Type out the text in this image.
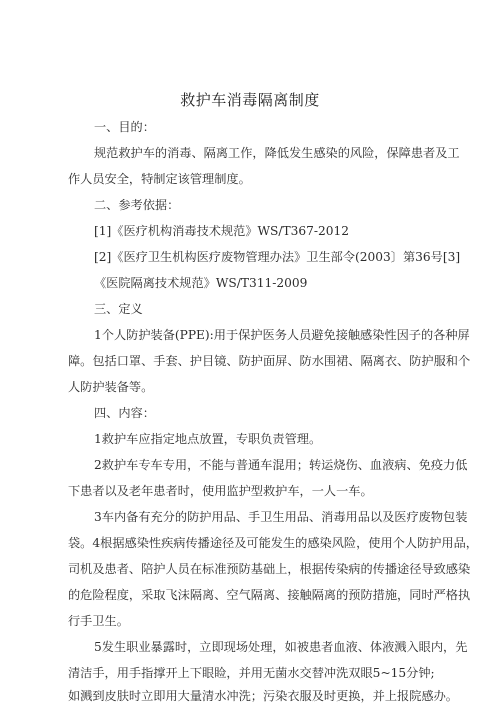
救护车消毒隔离制度
一、目的：
规范救护车的消毒、隔离工作，降低发生感染的风险，保障患者及工
作人员安全，特制定该管理制度。
二、参考依据：
[1]《医疗机构消毒技术规范》WS/T367-2012
[2]《医疗卫生机构医疗废物管理办法》卫生部令(2003〕第36号[3]
《医院隔离技术规范》WS/T311-2009
三、定义
1个人防护装备(PPE):用于保护医务人员避免接触感染性因子的各种屏
障。包括口罩、手套、护目镜、防护面屏、防水围裙、隔离衣、防护服和个
人防护装备等。
四、内容：
1救护车应指定地点放置，专职负责管理。
2救护车专车专用，不能与普通车混用；转运烧伤、血液病、免疫力低
下患者以及老年患者时，使用监护型救护车，一人一车。
3车内备有充分的防护用品、手卫生用品、消毒用品以及医疗废物包装
袋。4根据感染性疾病传播途径及可能发生的感染风险，使用个人防护用品，
司机及患者、陪护人员在标准预防基础上，根据传染病的传播途径导致感染
的危险程度，采取飞沫隔离、空气隔离、接触隔离的预防措施，同时严格执
行手卫生。
5发生职业暴露时，立即现场处理，如被患者血液、体液溅入眼内，先
清洁手，用手指撑开上下眼睑，并用无菌水交替冲洗双眼5~15分钟;
如溅到皮肤时立即用大量清水冲洗；污染衣服及时更换，并上报院感办。
